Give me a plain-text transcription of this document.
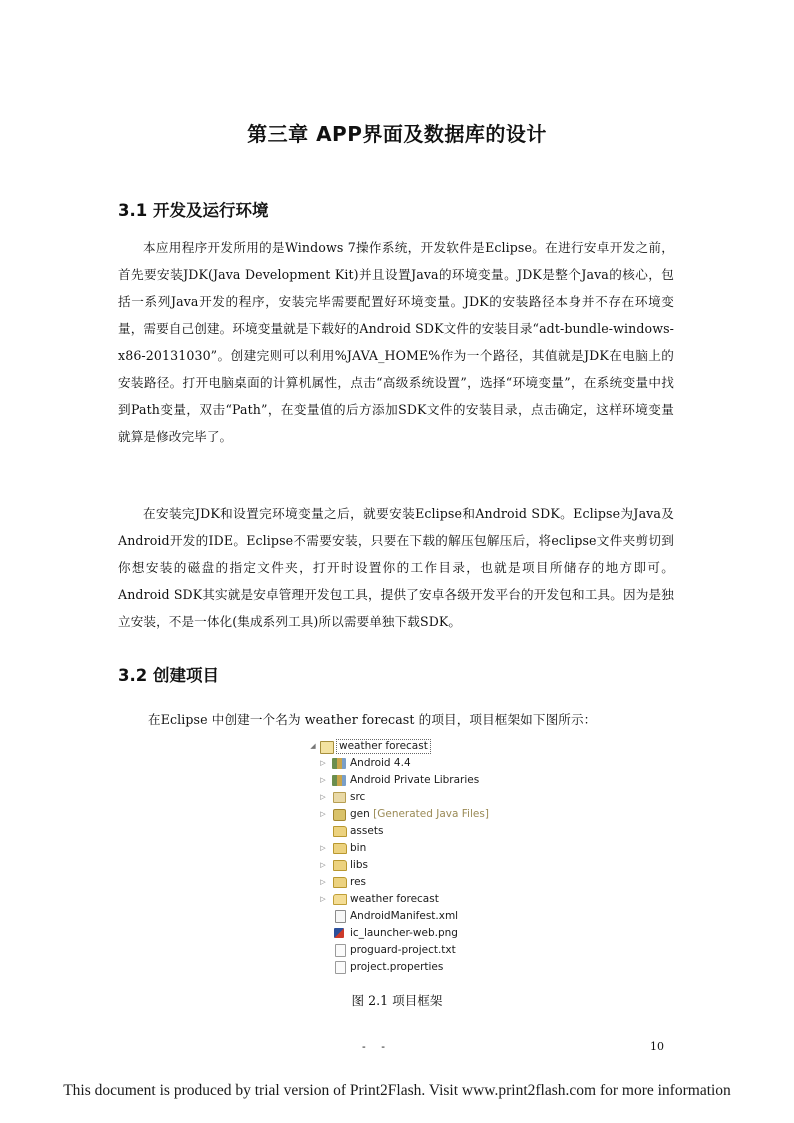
第三章 APP界面及数据库的设计
3.1 开发及运行环境

本应用程序开发所用的是Windows 7操作系统，开发软件是Eclipse。在进行安卓开发之前，首先要安装JDK(Java Development Kit)并且设置Java的环境变量。JDK是整个Java的核心，包括一系列Java开发的程序，安装完毕需要配置好环境变量。JDK的安装路径本身并不存在环境变量，需要自己创建。环境变量就是下载好的Android SDK文件的安装目录“adt-bundle-windows-x86-20131030”。创建完则可以利用%JAVA_HOME%作为一个路径，其值就是JDK在电脑上的安装路径。打开电脑桌面的计算机属性，点击“高级系统设置”，选择“环境变量”，在系统变量中找到Path变量，双击“Path”，在变量值的后方添加SDK文件的安装目录，点击确定，这样环境变量就算是修改完毕了。

在安装完JDK和设置完环境变量之后，就要安装Eclipse和Android SDK。Eclipse为Java及Android开发的IDE。Eclipse不需要安装，只要在下载的解压包解压后，将eclipse文件夹剪切到你想安装的磁盘的指定文件夹，打开时设置你的工作目录，也就是项目所储存的地方即可。Android SDK其实就是安卓管理开发包工具，提供了安卓各级开发平台的开发包和工具。因为是独立安装，不是一体化(集成系列工具)所以需要单独下载SDK。

3.2 创建项目

在Eclipse 中创建一个名为 weather forecast 的项目，项目框架如下图所示：

◢ weather forecast
▷ Android 4.4
▷ Android Private Libraries
▷ src
▷ gen [Generated Java Files]
assets
▷ bin
▷ libs
▷ res
▷ weather forecast
AndroidManifest.xml
ic_launcher-web.png
proguard-project.txt
project.properties

图 2.1 项目框架

- -	10
This document is produced by trial version of Print2Flash. Visit www.print2flash.com for more information
